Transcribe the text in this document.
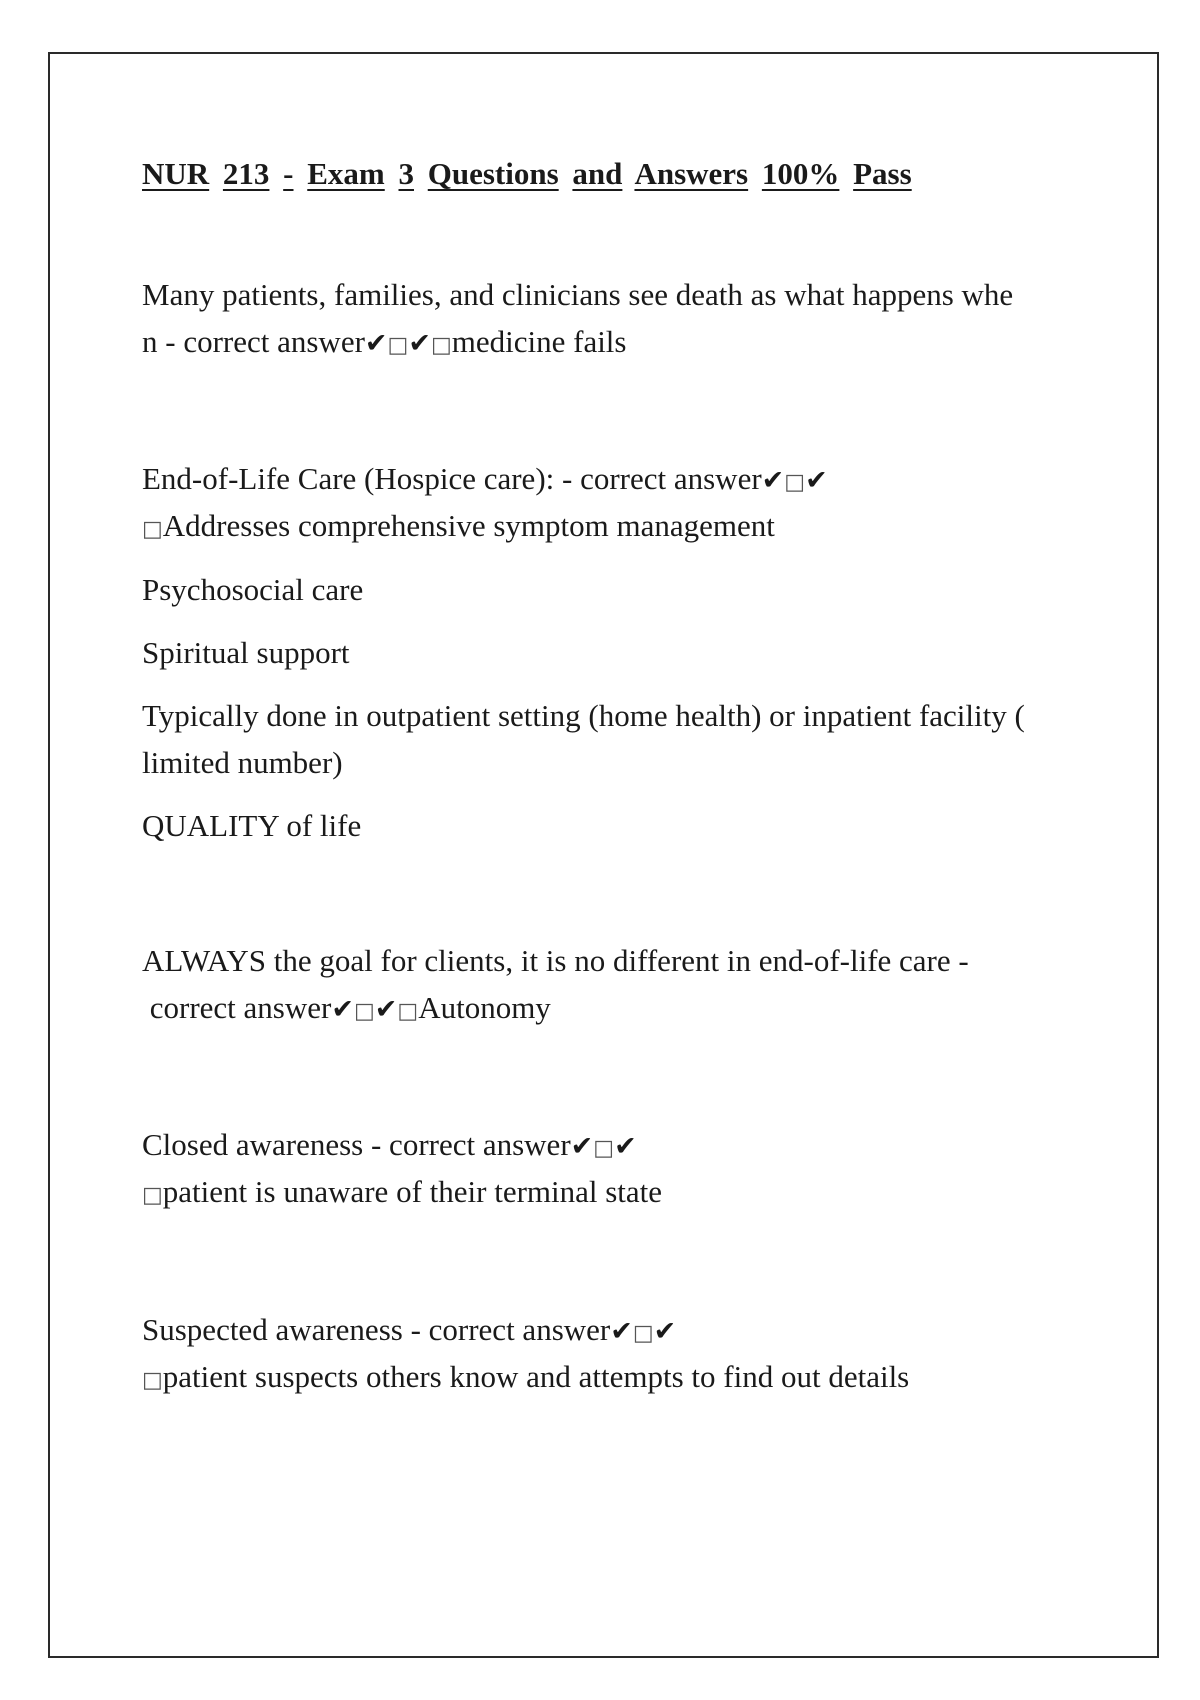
NUR 213 - Exam 3 Questions and Answers 100% Pass

Many patients, families, and clinicians see death as what happens whe

n - correct answer✔□✔□medicine fails

End-of-Life Care (Hospice care): - correct answer✔□✔

□Addresses comprehensive symptom management

Psychosocial care

Spiritual support

Typically done in outpatient setting (home health) or inpatient facility (

limited number)

QUALITY of life

ALWAYS the goal for clients, it is no different in end-of-life care -

correct answer✔□✔□Autonomy

Closed awareness - correct answer✔□✔

□patient is unaware of their terminal state

Suspected awareness - correct answer✔□✔

□patient suspects others know and attempts to find out details
